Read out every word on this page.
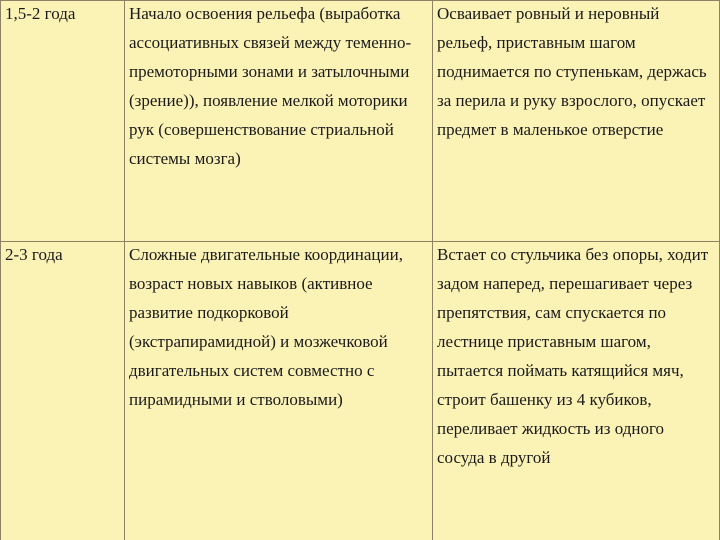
1,5-2 года	Начало освоения рельефа (выработка ассоциативных связей между теменно-премоторными зонами и затылочными (зрение)), появление мелкой моторики рук (совершенствование стриальной системы мозга)	Осваивает ровный и неровный рельеф, приставным шагом поднимается по ступенькам, держась за перила и руку взрослого, опускает предмет в маленькое отверстие

2-3 года	Сложные двигательные координации, возраст новых навыков (активное развитие подкорковой (экстрапирамидной) и мозжечковой двигательных систем совместно с пирамидными и стволовыми)	Встает со стульчика без опоры, ходит задом наперед, перешагивает через препятствия, сам спускается по лестнице приставным шагом, пытается поймать катящийся мяч, строит башенку из 4 кубиков, переливает жидкость из одного сосуда в другой
